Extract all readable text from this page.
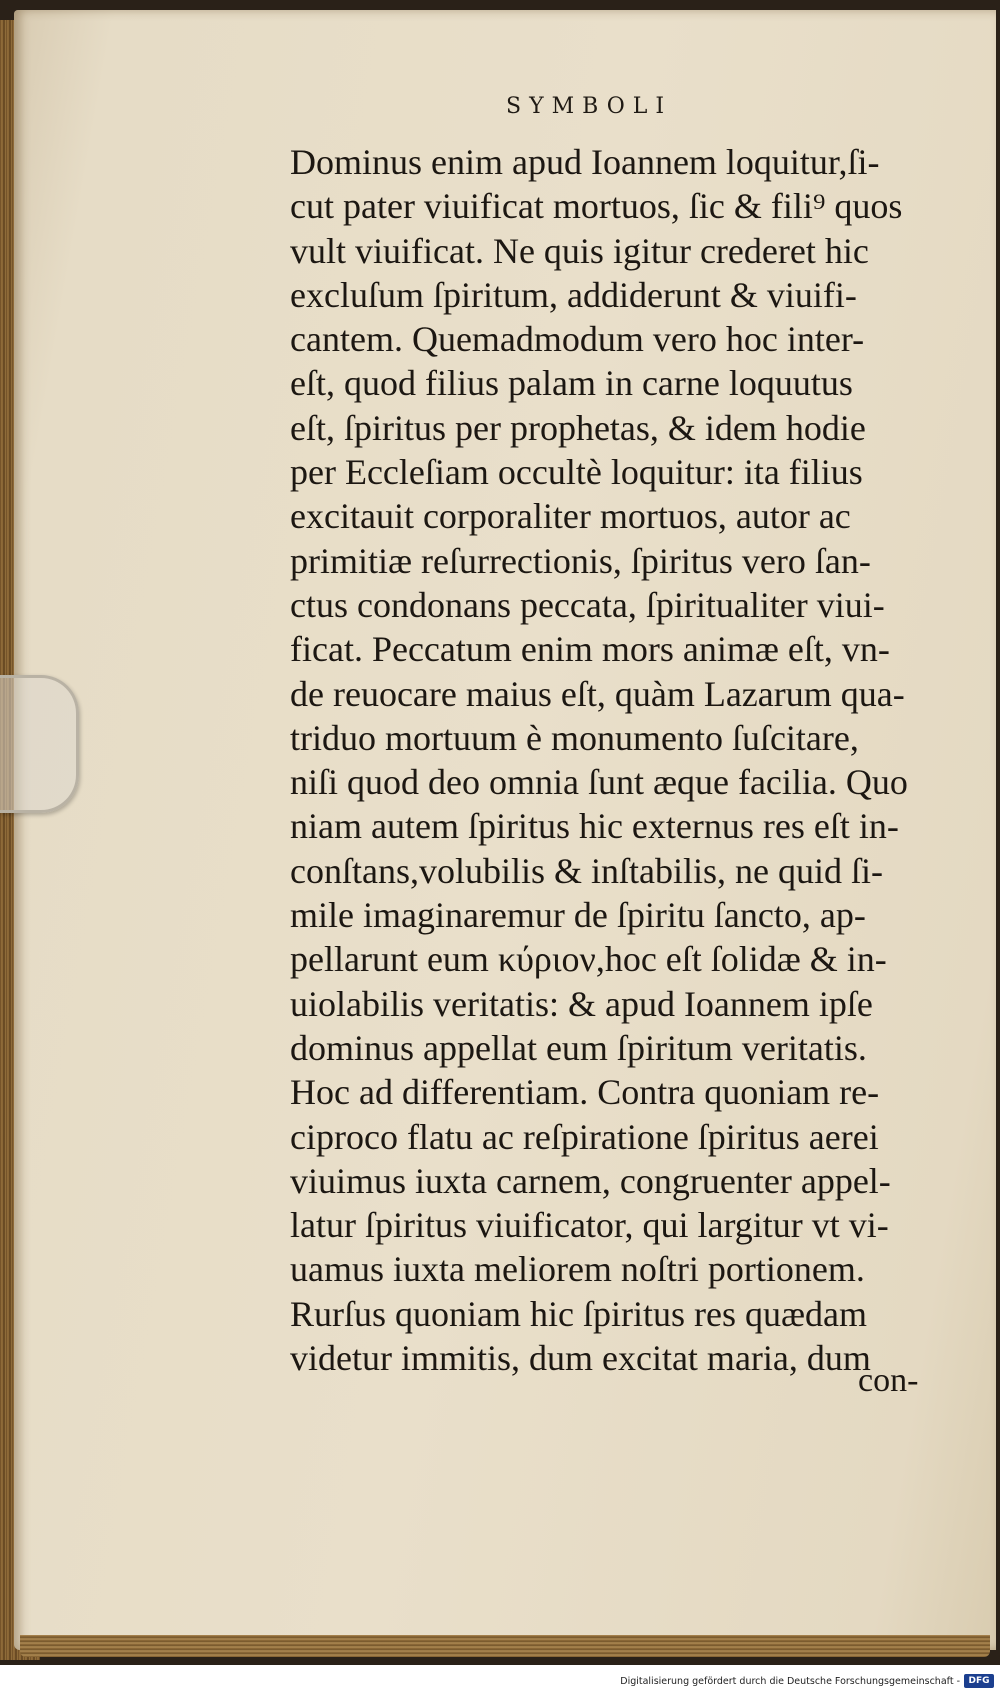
SYMBOLI
Dominus enim apud Ioannem loquitur,ſi-
cut pater viuificat mortuos, ſic & fili⁹ quos
vult viuificat. Ne quis igitur crederet hic
excluſum ſpiritum, addiderunt & viuifi-
cantem. Quemadmodum vero hoc inter-
eſt, quod filius palam in carne loquutus
eſt, ſpiritus per prophetas, & idem hodie
per Eccleſiam occultè loquitur: ita filius
excitauit corporaliter mortuos, autor ac
primitiæ reſurrectionis, ſpiritus vero ſan-
ctus condonans peccata, ſpiritualiter viui-
ficat. Peccatum enim mors animæ eſt, vn-
de reuocare maius eſt, quàm Lazarum qua-
triduo mortuum è monumento ſuſcitare,
niſi quod deo omnia ſunt æque facilia. Quo
niam autem ſpiritus hic externus res eſt in-
conſtans,volubilis & inſtabilis, ne quid ſi-
mile imaginaremur de ſpiritu ſancto, ap-
pellarunt eum κύριον,hoc eſt ſolidæ & in-
uiolabilis veritatis: & apud Ioannem ipſe
dominus appellat eum ſpiritum veritatis.
Hoc ad differentiam. Contra quoniam re-
ciproco flatu ac reſpiratione ſpiritus aerei
viuimus iuxta carnem, congruenter appel-
latur ſpiritus viuificator, qui largitur vt vi-
uamus iuxta meliorem noſtri portionem.
Rurſus quoniam hic ſpiritus res quædam
videtur immitis, dum excitat maria, dum
con-
Digitalisierung gefördert durch die Deutsche Forschungsgemeinschaft - DFG
